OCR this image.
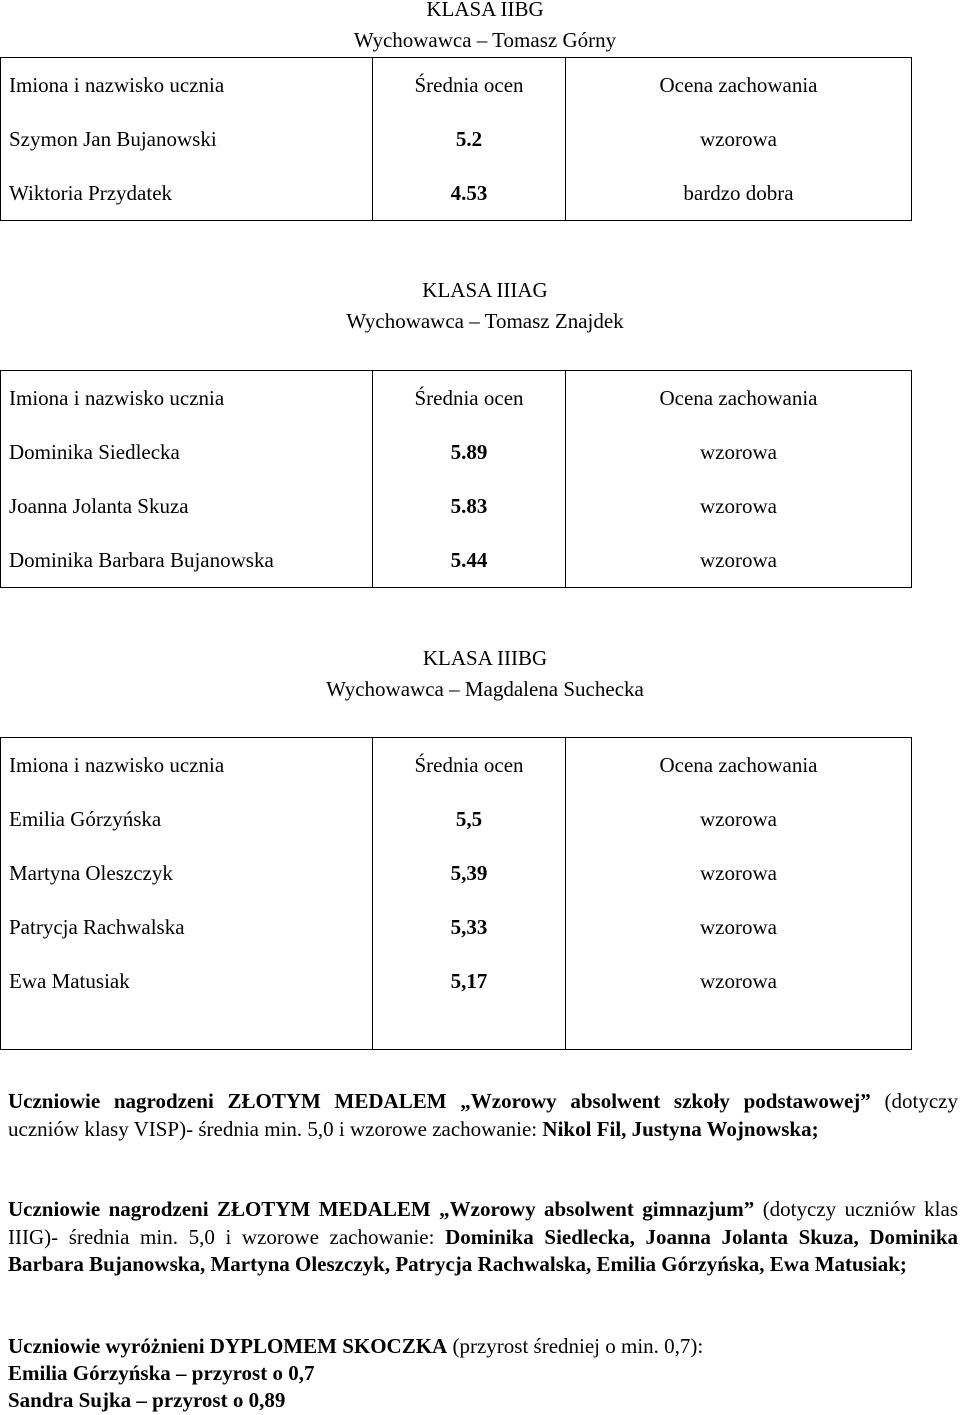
KLASA IIBG
Wychowawca – Tomasz Górny
Imiona i nazwisko ucznia	Średnia ocen	Ocena zachowania
Szymon Jan Bujanowski	5.2	wzorowa
Wiktoria Przydatek	4.53	bardzo dobra
KLASA IIIAG
Wychowawca – Tomasz Znajdek
Imiona i nazwisko ucznia	Średnia ocen	Ocena zachowania
Dominika Siedlecka	5.89	wzorowa
Joanna Jolanta Skuza	5.83	wzorowa
Dominika Barbara Bujanowska	5.44	wzorowa
KLASA IIIBG
Wychowawca – Magdalena Suchecka
Imiona i nazwisko ucznia	Średnia ocen	Ocena zachowania
Emilia Górzyńska	5,5	wzorowa
Martyna Oleszczyk	5,39	wzorowa
Patrycja Rachwalska	5,33	wzorowa
Ewa Matusiak	5,17	wzorowa
Uczniowie nagrodzeni ZŁOTYM MEDALEM „Wzorowy absolwent szkoły podstawowej” (dotyczy uczniów klasy VISP)- średnia min. 5,0 i wzorowe zachowanie: Nikol Fil, Justyna Wojnowska;
Uczniowie nagrodzeni ZŁOTYM MEDALEM „Wzorowy absolwent gimnazjum” (dotyczy uczniów klas IIIG)- średnia min. 5,0 i wzorowe zachowanie: Dominika Siedlecka, Joanna Jolanta Skuza, Dominika Barbara Bujanowska, Martyna Oleszczyk, Patrycja Rachwalska, Emilia Górzyńska, Ewa Matusiak;
Uczniowie wyróżnieni DYPLOMEM SKOCZKA (przyrost średniej o min. 0,7):
Emilia Górzyńska – przyrost o 0,7
Sandra Sujka – przyrost o 0,89
